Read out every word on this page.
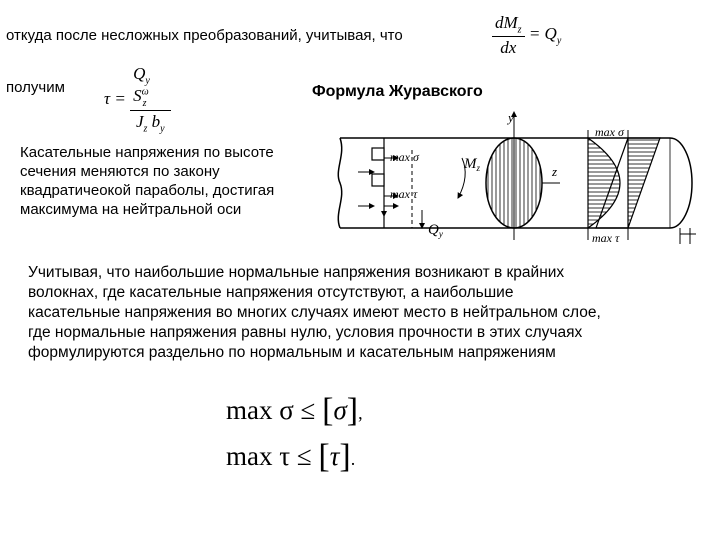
откуда после несложных преобразований, учитывая, что	$\frac{dM_z}{dx} = Q_y$
получим
$\tau = \frac{Q_y S^\omega_z}{J_z b_y}$	Формула Журавского
Касательные напряжения по высоте
сечения меняются по закону
квадратичеокой параболы, достигая
максимума на нейтральной оси
y
z
$M_z$
$Q_y$
max σ
max τ
max σ
max τ
Учитывая, что наибольшие нормальные напряжения возникают в крайних
волокнах, где касательные напряжения отсутствуют, а наибольшие
касательные напряжения во многих случаях имеют место в нейтральном слое,
где нормальные напряжения равны нулю, условия прочности в этих случаях
формулируются раздельно по нормальным и касательным напряжениям
max σ ≤ [σ],
max τ ≤ [τ].
